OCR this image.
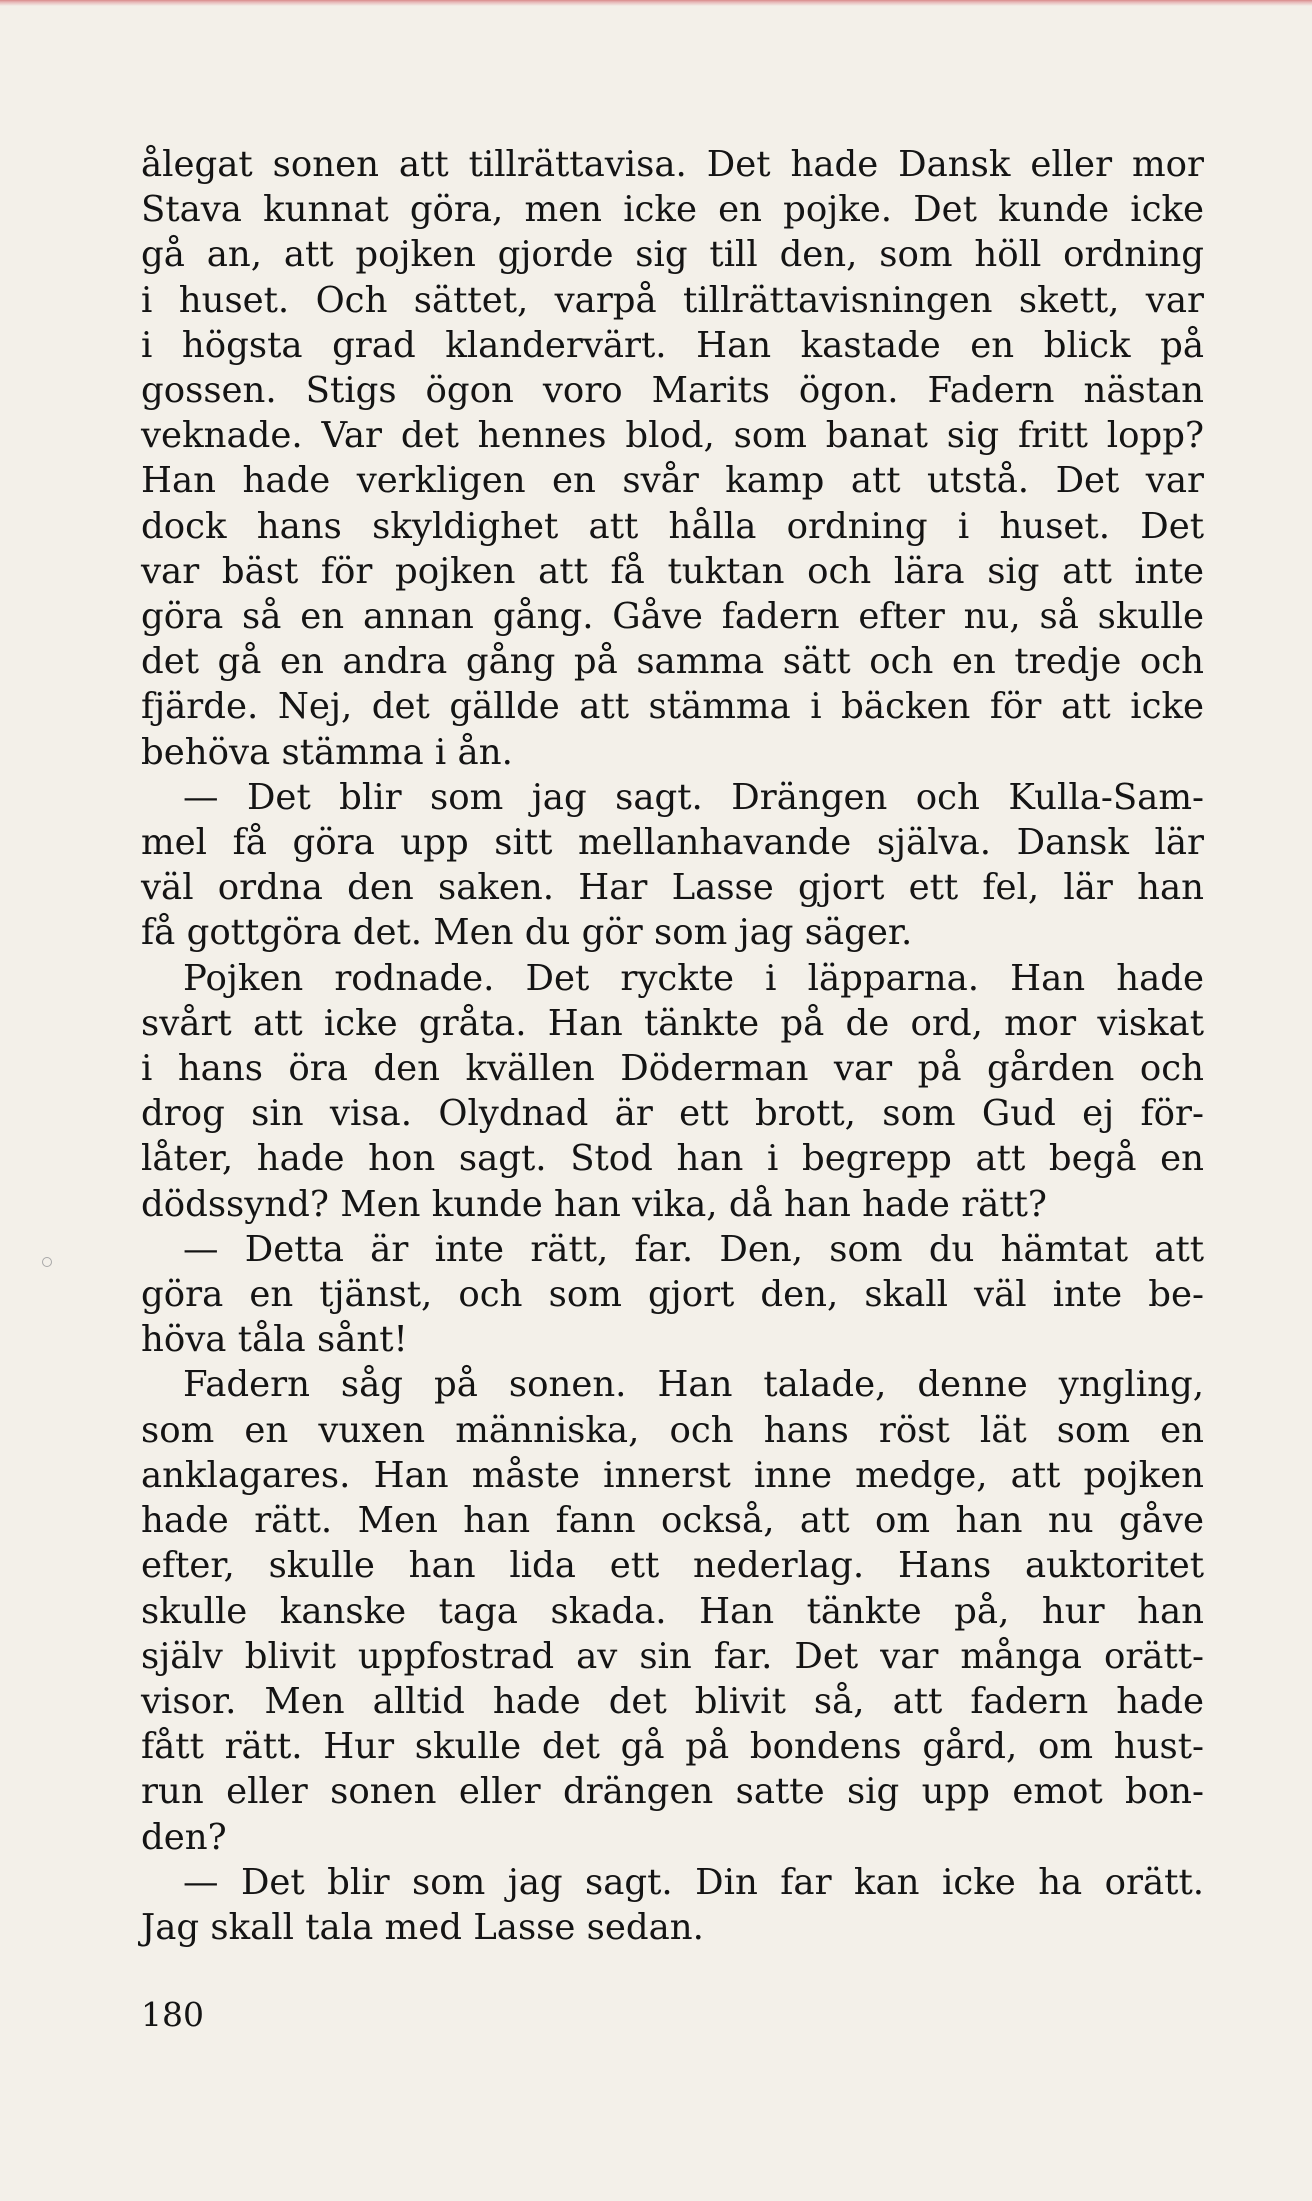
ålegat sonen att tillrättavisa. Det hade Dansk eller mor
Stava kunnat göra, men icke en pojke. Det kunde icke
gå an, att pojken gjorde sig till den, som höll ordning
i huset. Och sättet, varpå tillrättavisningen skett, var
i högsta grad klandervärt. Han kastade en blick på
gossen. Stigs ögon voro Marits ögon. Fadern nästan
veknade. Var det hennes blod, som banat sig fritt lopp?
Han hade verkligen en svår kamp att utstå. Det var
dock hans skyldighet att hålla ordning i huset. Det
var bäst för pojken att få tuktan och lära sig att inte
göra så en annan gång. Gåve fadern efter nu, så skulle
det gå en andra gång på samma sätt och en tredje och
fjärde. Nej, det gällde att stämma i bäcken för att icke
behöva stämma i ån.
— Det blir som jag sagt. Drängen och Kulla-Sam-
mel få göra upp sitt mellanhavande själva. Dansk lär
väl ordna den saken. Har Lasse gjort ett fel, lär han
få gottgöra det. Men du gör som jag säger.
Pojken rodnade. Det ryckte i läpparna. Han hade
svårt att icke gråta. Han tänkte på de ord, mor viskat
i hans öra den kvällen Döderman var på gården och
drog sin visa. Olydnad är ett brott, som Gud ej för-
låter, hade hon sagt. Stod han i begrepp att begå en
dödssynd? Men kunde han vika, då han hade rätt?
— Detta är inte rätt, far. Den, som du hämtat att
göra en tjänst, och som gjort den, skall väl inte be-
höva tåla sånt!
Fadern såg på sonen. Han talade, denne yngling,
som en vuxen människa, och hans röst lät som en
anklagares. Han måste innerst inne medge, att pojken
hade rätt. Men han fann också, att om han nu gåve
efter, skulle han lida ett nederlag. Hans auktoritet
skulle kanske taga skada. Han tänkte på, hur han
själv blivit uppfostrad av sin far. Det var många orätt-
visor. Men alltid hade det blivit så, att fadern hade
fått rätt. Hur skulle det gå på bondens gård, om hust-
run eller sonen eller drängen satte sig upp emot bon-
den?
— Det blir som jag sagt. Din far kan icke ha orätt.
Jag skall tala med Lasse sedan.
180
